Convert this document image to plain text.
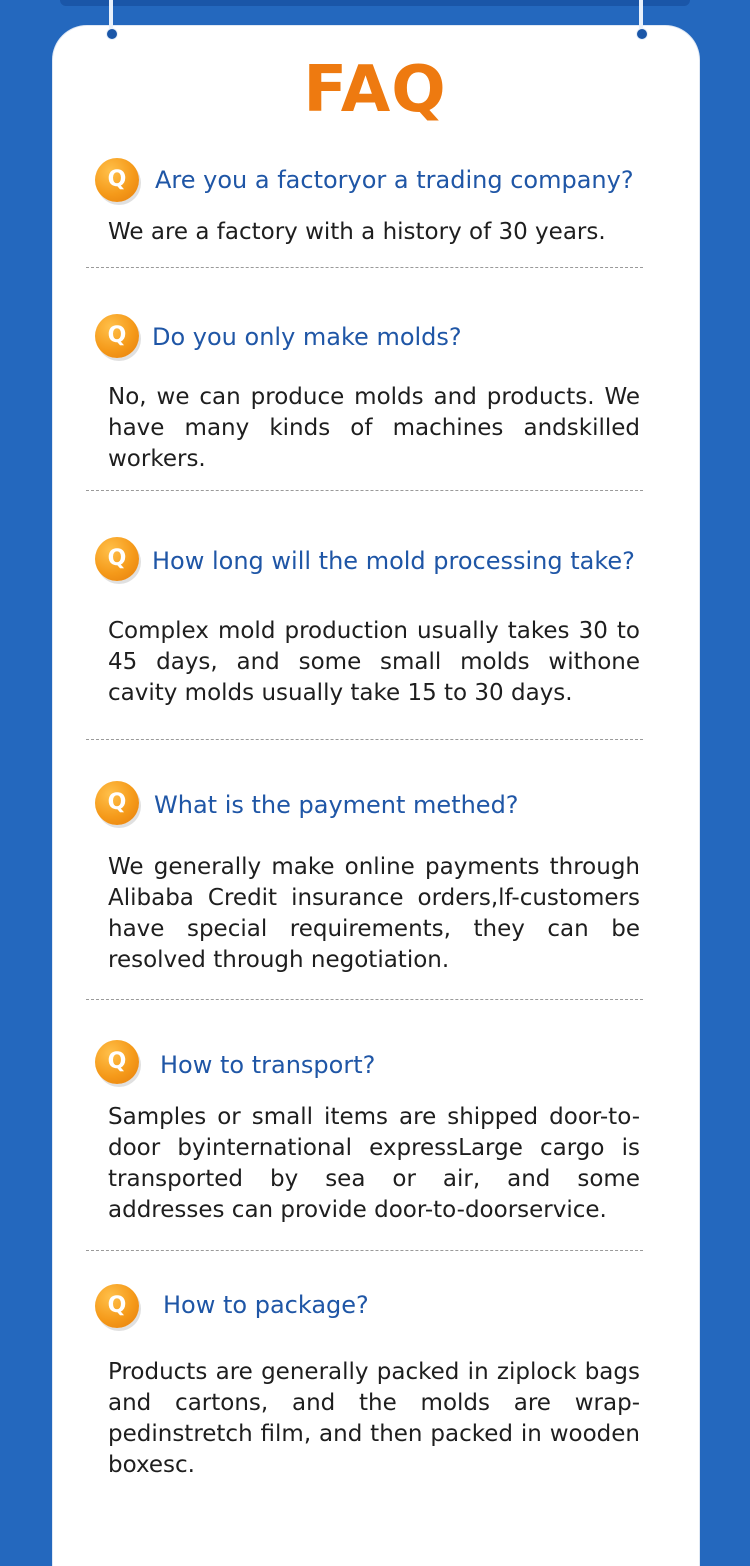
FAQ
Q	Are you a factoryor a trading company?
We are a factory with a history of 30 years.
Q	Do you only make molds?
No, we can produce molds and products. We have many kinds of machines andskilled workers.
Q	How long will the mold processing take?
Complex mold production usually takes 30 to 45 days, and some small molds withone cavity molds usually take 15 to 30 days.
Q	What is the payment methed?
We generally make online payments through Alibaba Credit insurance orders,lf-customers have special requirements, they can be resolved through negotiation.
Q	How to transport?
Samples or small items are shipped door-to-door byinternational expressLarge cargo is transported by sea or air, and some addresses can provide door-to-doorservice.
Q	How to package?
Products are generally packed in ziplock bags and cartons, and the molds are wrap-pedinstretch film, and then packed in wooden boxesc.
